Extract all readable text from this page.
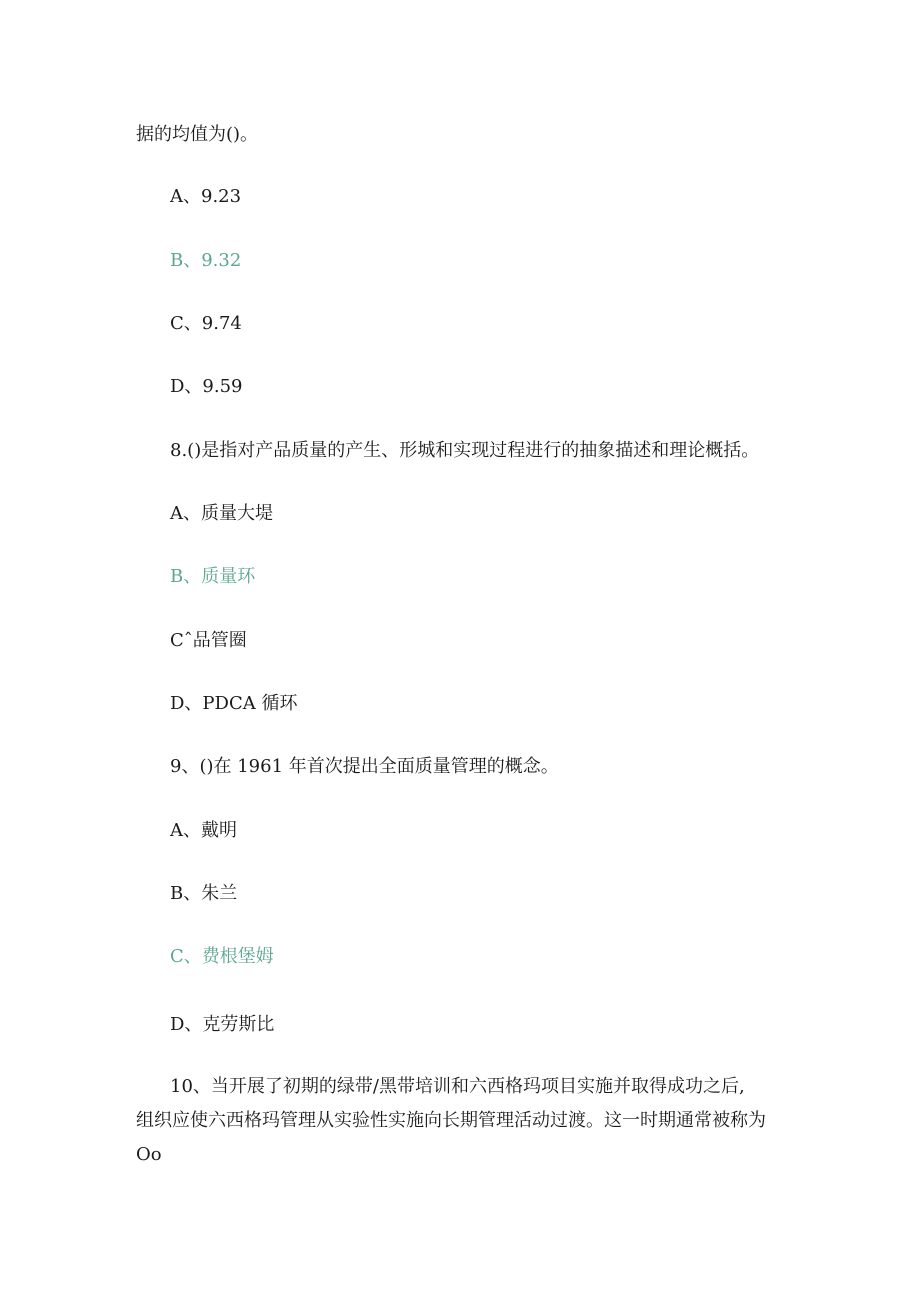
据的均值为()。
A、9.23
B、9.32
C、9.74
D、9.59
8.()是指对产品质量的产生、形城和实现过程进行的抽象描述和理论概括。
A、质量大堤
B、质量环
Cˆ品管圈
D、PDCA 循环
9、()在 1961 年首次提出全面质量管理的概念。
A、戴明
B、朱兰
C、费根堡姆
D、克劳斯比
10、当开展了初期的绿带/黑带培训和六西格玛项目实施并取得成功之后,
组织应使六西格玛管理从实验性实施向长期管理活动过渡。这一时期通常被称为
Oo
